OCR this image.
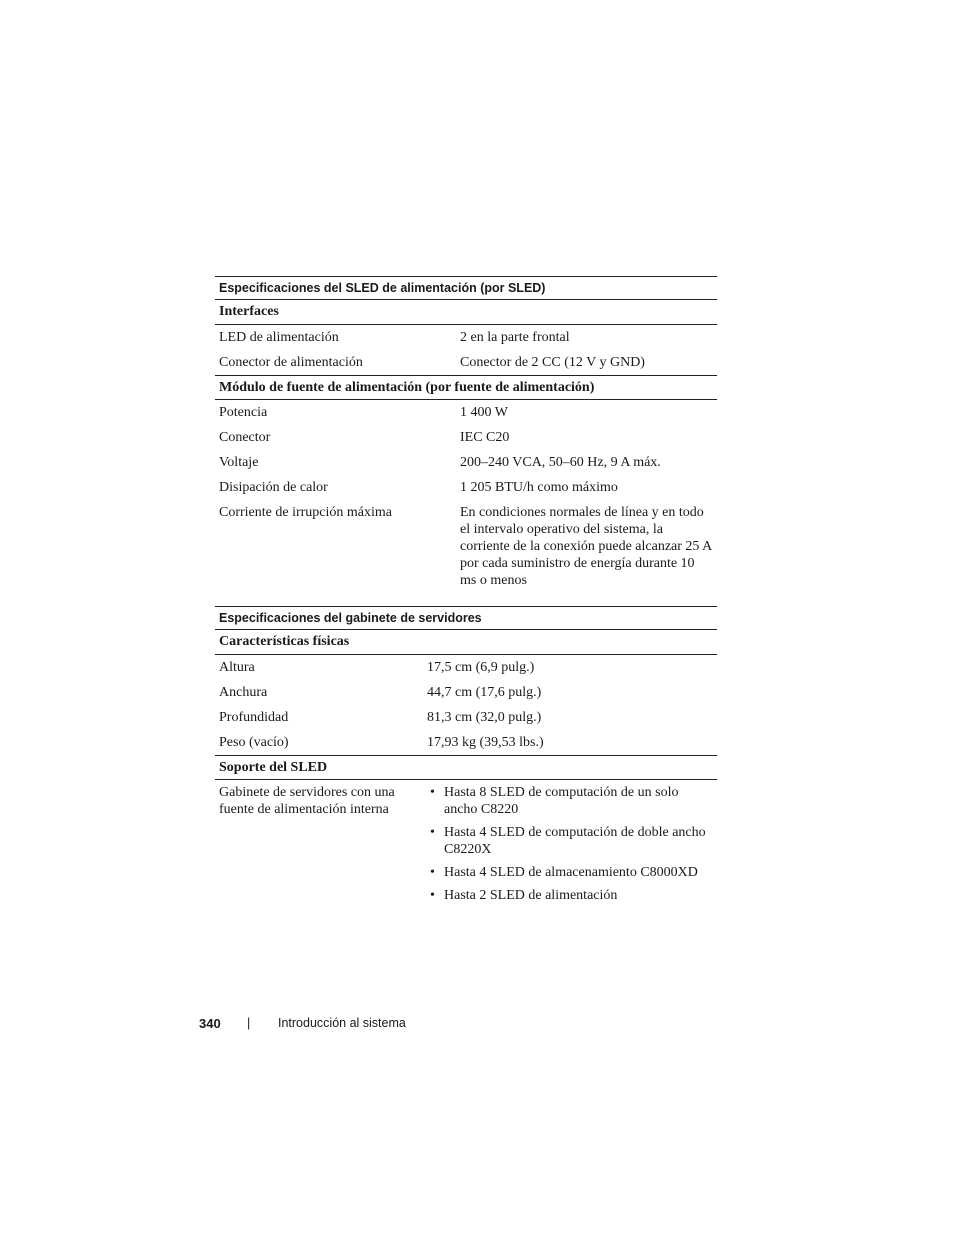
Especificaciones del SLED de alimentación (por SLED)
Interfaces
LED de alimentación	2 en la parte frontal
Conector de alimentación	Conector de 2 CC (12 V y GND)
Módulo de fuente de alimentación (por fuente de alimentación)
Potencia	1 400 W
Conector	IEC C20
Voltaje	200–240 VCA, 50–60 Hz, 9 A máx.
Disipación de calor	1 205 BTU/h como máximo
Corriente de irrupción máxima	En condiciones normales de línea y en todo el intervalo operativo del sistema, la corriente de la conexión puede alcanzar 25 A por cada suministro de energía durante 10 ms o menos
Especificaciones del gabinete de servidores
Características físicas
Altura	17,5 cm (6,9 pulg.)
Anchura	44,7 cm (17,6 pulg.)
Profundidad	81,3 cm (32,0 pulg.)
Peso (vacío)	17,93 kg (39,53 lbs.)
Soporte del SLED
Gabinete de servidores con una fuente de alimentación interna
• Hasta 8 SLED de computación de un solo ancho C8220
• Hasta 4 SLED de computación de doble ancho C8220X
• Hasta 4 SLED de almacenamiento C8000XD
• Hasta 2 SLED de alimentación
340 | Introducción al sistema
